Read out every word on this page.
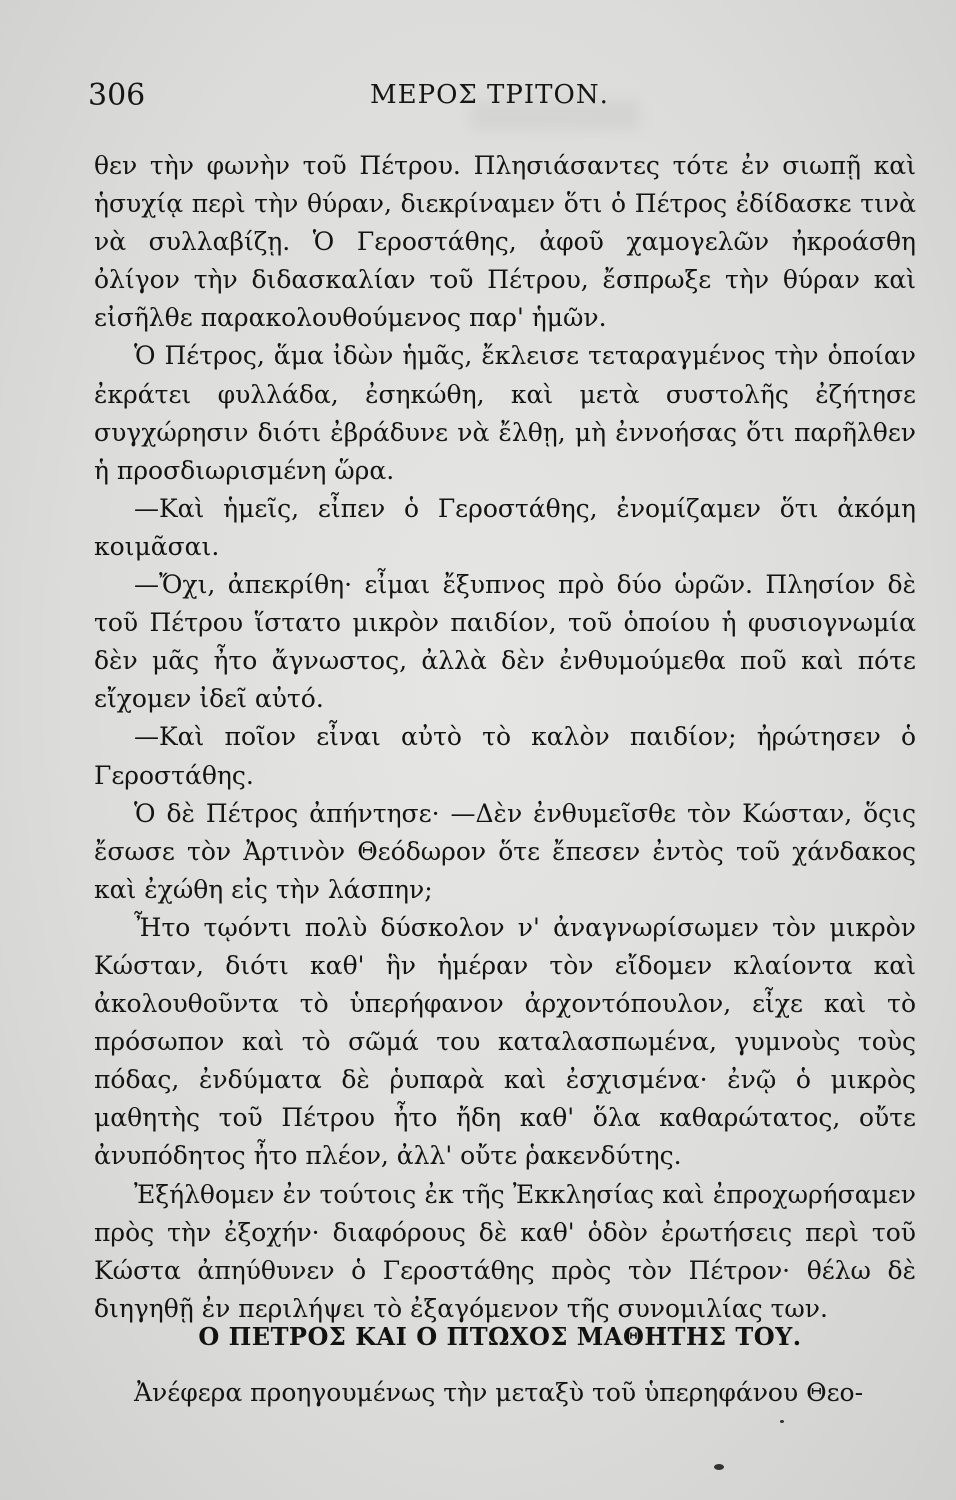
306	ΜΕΡΟΣ ΤΡΙΤΟΝ.

θεν τὴν φωνὴν τοῦ Πέτρου. Πλησιάσαντες τότε ἐν σιωπῇ καὶ ἡσυχίᾳ περὶ τὴν θύραν, διεκρίναμεν ὅτι ὁ Πέτρος ἐδίδασκε τινὰ νὰ συλλαβίζῃ. Ὁ Γεροστάθης, ἀφοῦ χαμογελῶν ἠκροάσθη ὀλίγον τὴν διδασκαλίαν τοῦ Πέτρου, ἔσπρωξε τὴν θύραν καὶ εἰσῆλθε παρακολουθούμενος παρ' ἡμῶν.

Ὁ Πέτρος, ἅμα ἰδὼν ἡμᾶς, ἔκλεισε τεταραγμένος τὴν ὁποίαν ἐκράτει φυλλάδα, ἐσηκώθη, καὶ μετὰ συστολῆς ἐζήτησε συγχώρησιν διότι ἐβράδυνε νὰ ἔλθῃ, μὴ ἐννοήσας ὅτι παρῆλθεν ἡ προσδιωρισμένη ὥρα.

—Καὶ ἡμεῖς, εἶπεν ὁ Γεροστάθης, ἐνομίζαμεν ὅτι ἀκόμη κοιμᾶσαι.

—Ὄχι, ἀπεκρίθη· εἶμαι ἔξυπνος πρὸ δύο ὡρῶν. Πλησίον δὲ τοῦ Πέτρου ἵστατο μικρὸν παιδίον, τοῦ ὁποίου ἡ φυσιογνωμία δὲν μᾶς ἦτο ἄγνωστος, ἀλλὰ δὲν ἐνθυμούμεθα ποῦ καὶ πότε εἴχομεν ἰδεῖ αὐτό.

—Καὶ ποῖον εἶναι αὐτὸ τὸ καλὸν παιδίον; ἠρώτησεν ὁ Γεροστάθης.

Ὁ δὲ Πέτρος ἀπήντησε· —Δὲν ἐνθυμεῖσθε τὸν Κώσταν, ὅςις ἔσωσε τὸν Ἀρτινὸν Θεόδωρον ὅτε ἔπεσεν ἐντὸς τοῦ χάνδακος καὶ ἐχώθη εἰς τὴν λάσπην;

Ἦτο τῳόντι πολὺ δύσκολον ν' ἀναγνωρίσωμεν τὸν μικρὸν Κώσταν, διότι καθ' ἣν ἡμέραν τὸν εἴδομεν κλαίοντα καὶ ἀκολουθοῦντα τὸ ὑπερήφανον ἀρχοντόπουλον, εἶχε καὶ τὸ πρόσωπον καὶ τὸ σῶμά του καταλασπωμένα, γυμνοὺς τοὺς πόδας, ἐνδύματα δὲ ῥυπαρὰ καὶ ἐσχισμένα· ἐνῷ ὁ μικρὸς μαθητὴς τοῦ Πέτρου ἦτο ἤδη καθ' ὅλα καθαρώτατος, οὔτε ἀνυπόδητος ἦτο πλέον, ἀλλ' οὔτε ῥακενδύτης.

Ἐξήλθομεν ἐν τούτοις ἐκ τῆς Ἐκκλησίας καὶ ἐπροχωρήσαμεν πρὸς τὴν ἐξοχήν· διαφόρους δὲ καθ' ὁδὸν ἐρωτήσεις περὶ τοῦ Κώστα ἀπηύθυνεν ὁ Γεροστάθης πρὸς τὸν Πέτρον· θέλω δὲ διηγηθῇ ἐν περιλήψει τὸ ἐξαγόμενον τῆς συνομιλίας των.

Ο ΠΕΤΡΟΣ ΚΑΙ Ο ΠΤΩΧΟΣ ΜΑΘΗΤΗΣ ΤΟΥ.
Ἀνέφερα προηγουμένως τὴν μεταξὺ τοῦ ὑπερηφάνου Θεο-
